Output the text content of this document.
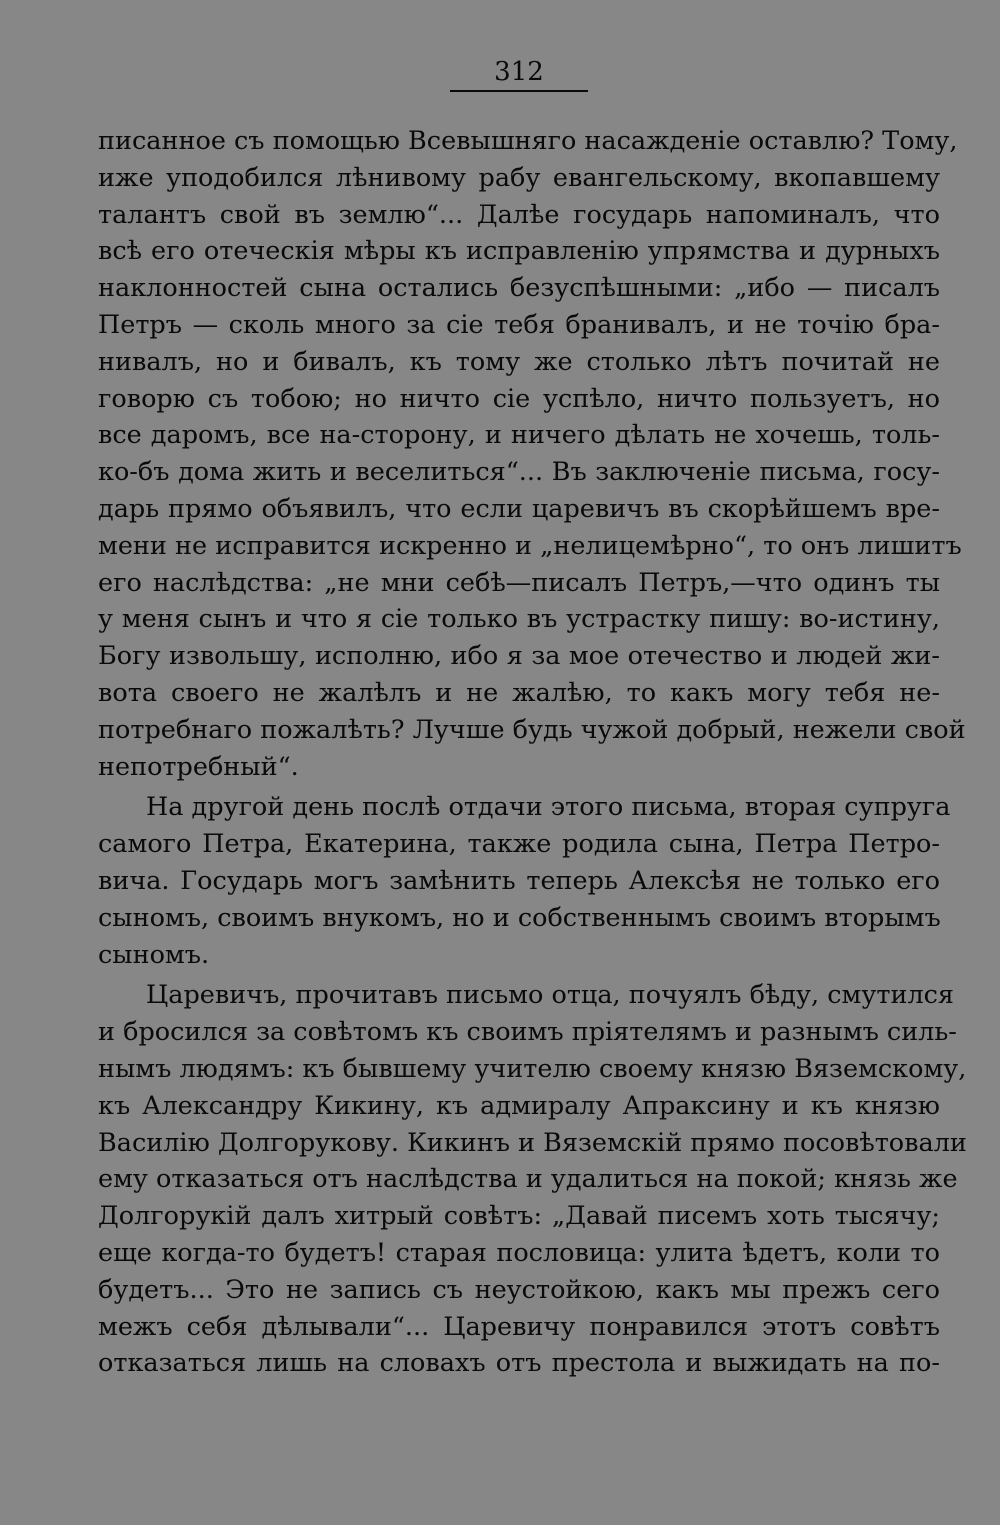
312
писанное съ помощью Всевышняго насажденіе оставлю? Тому,
иже уподобился лѣнивому рабу евангельскому, вкопавшему
талантъ свой въ землю“... Далѣе государь напоминалъ, что
всѣ его отеческія мѣры къ исправленію упрямства и дурныхъ
наклонностей сына остались безуспѣшными: „ибо — писалъ
Петръ — сколь много за сіе тебя бранивалъ, и не точію бра-
нивалъ, но и бивалъ, къ тому же столько лѣтъ почитай не
говорю съ тобою; но ничто сіе успѣло, ничто пользуетъ, но
все даромъ, все на-сторону, и ничего дѣлать не хочешь, толь-
ко-бъ дома жить и веселиться“... Въ заключеніе письма, госу-
дарь прямо объявилъ, что если царевичъ въ скорѣйшемъ вре-
мени не исправится искренно и „нелицемѣрно“, то онъ лишитъ
его наслѣдства: „не мни себѣ—писалъ Петръ,—что одинъ ты
у меня сынъ и что я сіе только въ устрастку пишу: во-истину,
Богу извольшу, исполню, ибо я за мое отечество и людей жи-
вота своего не жалѣлъ и не жалѣю, то какъ могу тебя не-
потребнаго пожалѣть? Лучше будь чужой добрый, нежели свой
непотребный“.
На другой день послѣ отдачи этого письма, вторая супруга
самого Петра, Екатерина, также родила сына, Петра Петро-
вича. Государь могъ замѣнить теперь Алексѣя не только его
сыномъ, своимъ внукомъ, но и собственнымъ своимъ вторымъ
сыномъ.
Царевичъ, прочитавъ письмо отца, почуялъ бѣду, смутился
и бросился за совѣтомъ къ своимъ пріятелямъ и разнымъ силь-
нымъ людямъ: къ бывшему учителю своему князю Вяземскому,
къ Александру Кикину, къ адмиралу Апраксину и къ князю
Василію Долгорукову. Кикинъ и Вяземскій прямо посовѣтовали
ему отказаться отъ наслѣдства и удалиться на покой; князь же
Долгорукій далъ хитрый совѣтъ: „Давай писемъ хоть тысячу;
еще когда-то будетъ! старая пословица: улита ѣдетъ, коли то
будетъ... Это не запись съ неустойкою, какъ мы прежъ сего
межъ себя дѣлывали“... Царевичу понравился этотъ совѣтъ
отказаться лишь на словахъ отъ престола и выжидать на по-
